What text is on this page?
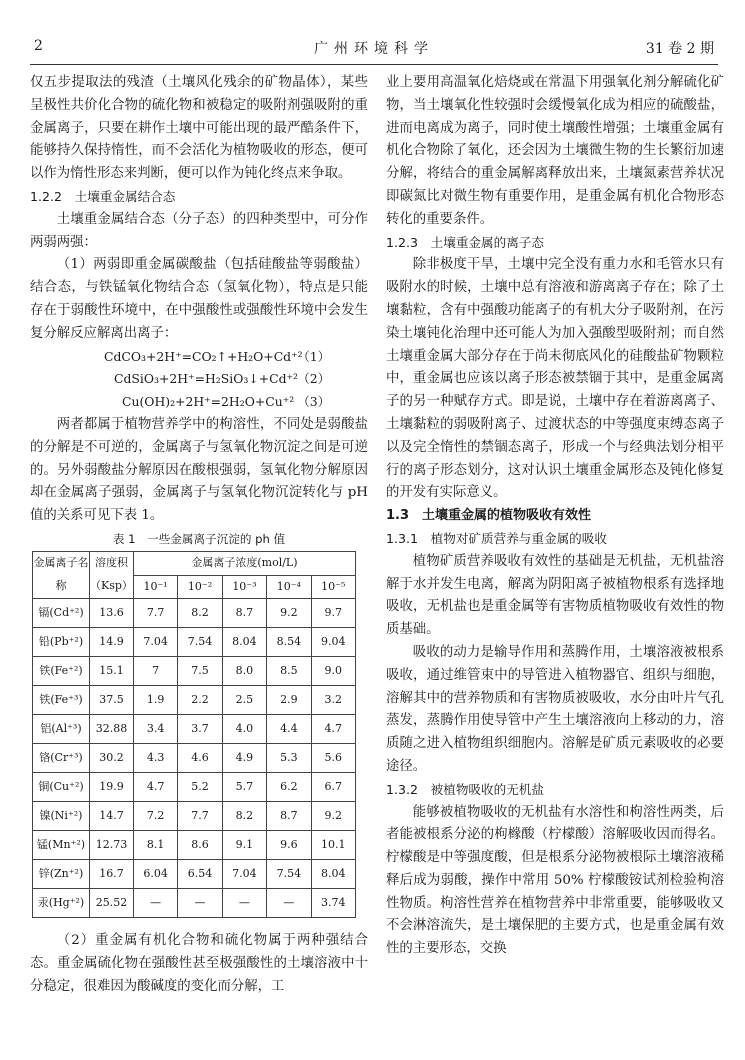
2	广州环境科学	31 卷 2 期

仅五步提取法的残渣（土壤风化残余的矿物晶体），某些呈极性共价化合物的硫化物和被稳定的吸附剂强吸附的重金属离子，只要在耕作土壤中可能出现的最严酷条件下，能够持久保持惰性，而不会活化为植物吸收的形态，便可以作为惰性形态来判断，便可以作为钝化终点来争取。

1.2.2　土壤重金属结合态

土壤重金属结合态（分子态）的四种类型中，可分作两弱两强：

（1）两弱即重金属碳酸盐（包括硅酸盐等弱酸盐）结合态，与铁锰氧化物结合态（氢氧化物），特点是只能存在于弱酸性环境中，在中强酸性或强酸性环境中会发生复分解反应解离出离子：

CdCO₃+2H⁺=CO₂↑+H₂O+Cd⁺²
（1）
CdSiO₃+2H⁺=H₂SiO₃↓+Cd⁺² （2）
Cu(OH)₂+2H⁺=2H₂O+Cu⁺² （3）

两者都属于植物营养学中的枸溶性，不同处是弱酸盐的分解是不可逆的，金属离子与氢氧化物沉淀之间是可逆的。另外弱酸盐分解原因在酸根强弱，氢氧化物分解原因却在金属离子强弱，金属离子与氢氧化物沉淀转化与 pH 值的关系可见下表 1。

表 1　一些金属离子沉淀的 ph 值

金属离子名称	溶度积（Ksp）	金属离子浓度(mol/L)				
		10⁻¹	10⁻²	10⁻³	10⁻⁴	10⁻⁵
镉(Cd⁺²)	13.6	7.7	8.2	8.7	9.2	9.7
铅(Pb⁺²)	14.9	7.04	7.54	8.04	8.54	9.04
铁(Fe⁺²)	15.1	7	7.5	8.0	8.5	9.0
铁(Fe⁺³)	37.5	1.9	2.2	2.5	2.9	3.2
铝(Al⁺³)	32.88	3.4	3.7	4.0	4.4	4.7
铬(Cr⁺³)	30.2	4.3	4.6	4.9	5.3	5.6
铜(Cu⁺²)	19.9	4.7	5.2	5.7	6.2	6.7
镍(Ni⁺²)	14.7	7.2	7.7	8.2	8.7	9.2
锰(Mn⁺²)	12.73	8.1	8.6	9.1	9.6	10.1
锌(Zn⁺²)	16.7	6.04	6.54	7.04	7.54	8.04
汞(Hg⁺²)	25.52	—	—	—	—	3.74

（2）重金属有机化合物和硫化物属于两种强结合态。重金属硫化物在强酸性甚至极强酸性的土壤溶液中十分稳定，很难因为酸碱度的变化而分解，工

业上要用高温氧化焙烧或在常温下用强氧化剂分解硫化矿物，当土壤氧化性较强时会缓慢氧化成为相应的硫酸盐，进而电离成为离子，同时使土壤酸性增强；土壤重金属有机化合物除了氧化，还会因为土壤微生物的生长繁衍加速分解，将结合的重金属解离释放出来，土壤氮素营养状况即碳氮比对微生物有重要作用，是重金属有机化合物形态转化的重要条件。

1.2.3　土壤重金属的离子态

除非极度干旱，土壤中完全没有重力水和毛管水只有吸附水的时候，土壤中总有溶液和游离离子存在；除了土壤黏粒，含有中强酸功能离子的有机大分子吸附剂，在污染土壤钝化治理中还可能人为加入强酸型吸附剂；而自然土壤重金属大部分存在于尚未彻底风化的硅酸盐矿物颗粒中，重金属也应该以离子形态被禁锢于其中，是重金属离子的另一种赋存方式。即是说，土壤中存在着游离离子、土壤黏粒的弱吸附离子、过渡状态的中等强度束缚态离子以及完全惰性的禁锢态离子，形成一个与经典法划分相平行的离子形态划分，这对认识土壤重金属形态及钝化修复的开发有实际意义。

1.3　土壤重金属的植物吸收有效性

1.3.1　植物对矿质营养与重金属的吸收

植物矿质营养吸收有效性的基础是无机盐，无机盐溶解于水并发生电离，解离为阴阳离子被植物根系有选择地吸收，无机盐也是重金属等有害物质植物吸收有效性的物质基础。

吸收的动力是输导作用和蒸腾作用，土壤溶液被根系吸收，通过维管束中的导管进入植物器官、组织与细胞，溶解其中的营养物质和有害物质被吸收，水分由叶片气孔蒸发，蒸腾作用使导管中产生土壤溶液向上移动的力，溶质随之进入植物组织细胞内。溶解是矿质元素吸收的必要途径。

1.3.2　被植物吸收的无机盐

能够被植物吸收的无机盐有水溶性和枸溶性两类，后者能被根系分泌的枸橼酸（柠檬酸）溶解吸收因而得名。柠檬酸是中等强度酸，但是根系分泌物被根际土壤溶液稀释后成为弱酸，操作中常用 50% 柠檬酸铵试剂检验枸溶性物质。枸溶性营养在植物营养中非常重要，能够吸收又不会淋溶流失，是土壤保肥的主要方式，也是重金属有效性的主要形态，交换
